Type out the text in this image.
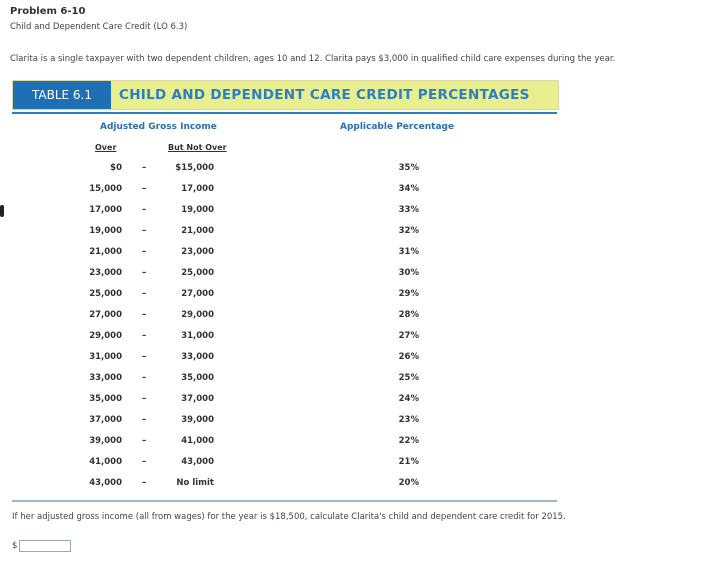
Problem 6-10
Child and Dependent Care Credit (LO 6.3)
Clarita is a single taxpayer with two dependent children, ages 10 and 12. Clarita pays $3,000 in qualified child care expenses during the year.
TABLE 6.1	CHILD AND DEPENDENT CARE CREDIT PERCENTAGES
Adjusted Gross Income	Applicable Percentage
Over	But Not Over
$0 –	$15,000	35%
15,000 –	17,000	34%
17,000 –	19,000	33%
19,000 –	21,000	32%
21,000 –	23,000	31%
23,000 –	25,000	30%
25,000 –	27,000	29%
27,000 –	29,000	28%
29,000 –	31,000	27%
31,000 –	33,000	26%
33,000 –	35,000	25%
35,000 –	37,000	24%
37,000 –	39,000	23%
39,000 –	41,000	22%
41,000 –	43,000	21%
43,000 –	No limit	20%
If her adjusted gross income (all from wages) for the year is $18,500, calculate Clarita's child and dependent care credit for 2015.
$
